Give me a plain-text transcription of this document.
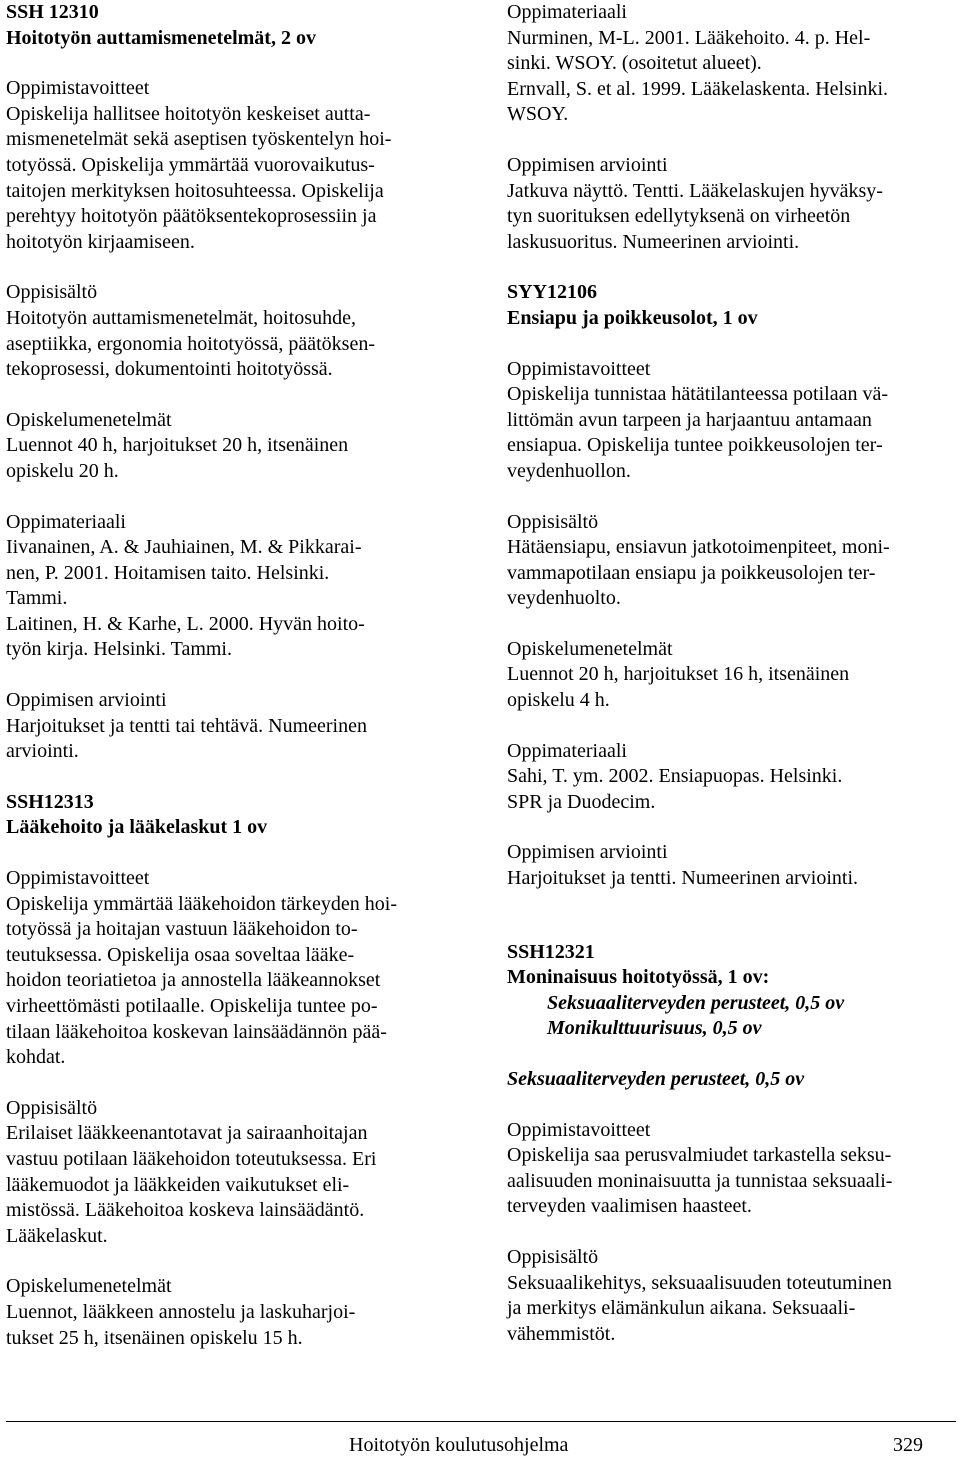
SSH 12310

Hoitotyön auttamismenetelmät, 2 ov

Oppimistavoitteet

Opiskelija hallitsee hoitotyön keskeiset autta-

mismenetelmät sekä aseptisen työskentelyn hoi-

totyössä. Opiskelija ymmärtää vuorovaikutus-

taitojen merkityksen hoitosuhteessa. Opiskelija

perehtyy hoitotyön päätöksentekoprosessiin ja

hoitotyön kirjaamiseen.

Oppisisältö

Hoitotyön auttamismenetelmät, hoitosuhde,

aseptiikka, ergonomia hoitotyössä, päätöksen-

tekoprosessi, dokumentointi hoitotyössä.

Opiskelumenetelmät

Luennot 40 h, harjoitukset 20 h, itsenäinen

opiskelu 20 h.

Oppimateriaali

Iivanainen, A. & Jauhiainen, M. & Pikkarai-

nen, P. 2001. Hoitamisen taito. Helsinki.

Tammi.

Laitinen, H. & Karhe, L. 2000. Hyvän hoito-

työn kirja. Helsinki. Tammi.

Oppimisen arviointi

Harjoitukset ja tentti tai tehtävä. Numeerinen

arviointi.

SSH12313

Lääkehoito ja lääkelaskut 1 ov

Oppimistavoitteet

Opiskelija ymmärtää lääkehoidon tärkeyden hoi-

totyössä ja hoitajan vastuun lääkehoidon to-

teutuksessa. Opiskelija osaa soveltaa lääke-

hoidon teoriatietoa ja annostella lääkeannokset

virheettömästi potilaalle. Opiskelija tuntee po-

tilaan lääkehoitoa koskevan lainsäädännön pää-

kohdat.

Oppisisältö

Erilaiset lääkkeenantotavat ja sairaanhoitajan

vastuu potilaan lääkehoidon toteutuksessa. Eri

lääkemuodot ja lääkkeiden vaikutukset eli-

mistössä. Lääkehoitoa koskeva lainsäädäntö.

Lääkelaskut.

Opiskelumenetelmät

Luennot, lääkkeen annostelu ja laskuharjoi-

tukset 25 h, itsenäinen opiskelu 15 h.

Oppimateriaali

Nurminen, M-L. 2001. Lääkehoito. 4. p. Hel-

sinki. WSOY. (osoitetut alueet).

Ernvall, S. et al. 1999. Lääkelaskenta. Helsinki.

WSOY.

Oppimisen arviointi

Jatkuva näyttö. Tentti. Lääkelaskujen hyväksy-

tyn suorituksen edellytyksenä on virheetön

laskusuoritus. Numeerinen arviointi.

SYY12106

Ensiapu ja poikkeusolot, 1 ov

Oppimistavoitteet

Opiskelija tunnistaa hätätilanteessa potilaan vä-

littömän avun tarpeen ja harjaantuu antamaan

ensiapua. Opiskelija tuntee poikkeusolojen ter-

veydenhuollon.

Oppisisältö

Hätäensiapu, ensiavun jatkotoimenpiteet, moni-

vammapotilaan ensiapu ja poikkeusolojen ter-

veydenhuolto.

Opiskelumenetelmät

Luennot 20 h, harjoitukset 16 h, itsenäinen

opiskelu 4 h.

Oppimateriaali

Sahi, T. ym. 2002. Ensiapuopas. Helsinki.

SPR ja Duodecim.

Oppimisen arviointi

Harjoitukset ja tentti. Numeerinen arviointi.

SSH12321

Moninaisuus hoitotyössä, 1 ov:

Seksuaaliterveyden perusteet, 0,5 ov

Monikulttuurisuus, 0,5 ov

Seksuaaliterveyden perusteet, 0,5 ov

Oppimistavoitteet

Opiskelija saa perusvalmiudet tarkastella seksu-

aalisuuden moninaisuutta ja tunnistaa seksuaali-

terveyden vaalimisen haasteet.

Oppisisältö

Seksuaalikehitys, seksuaalisuuden toteutuminen

ja merkitys elämänkulun aikana. Seksuaali-

vähemmistöt.

Hoitotyön koulutusohjelma	329
